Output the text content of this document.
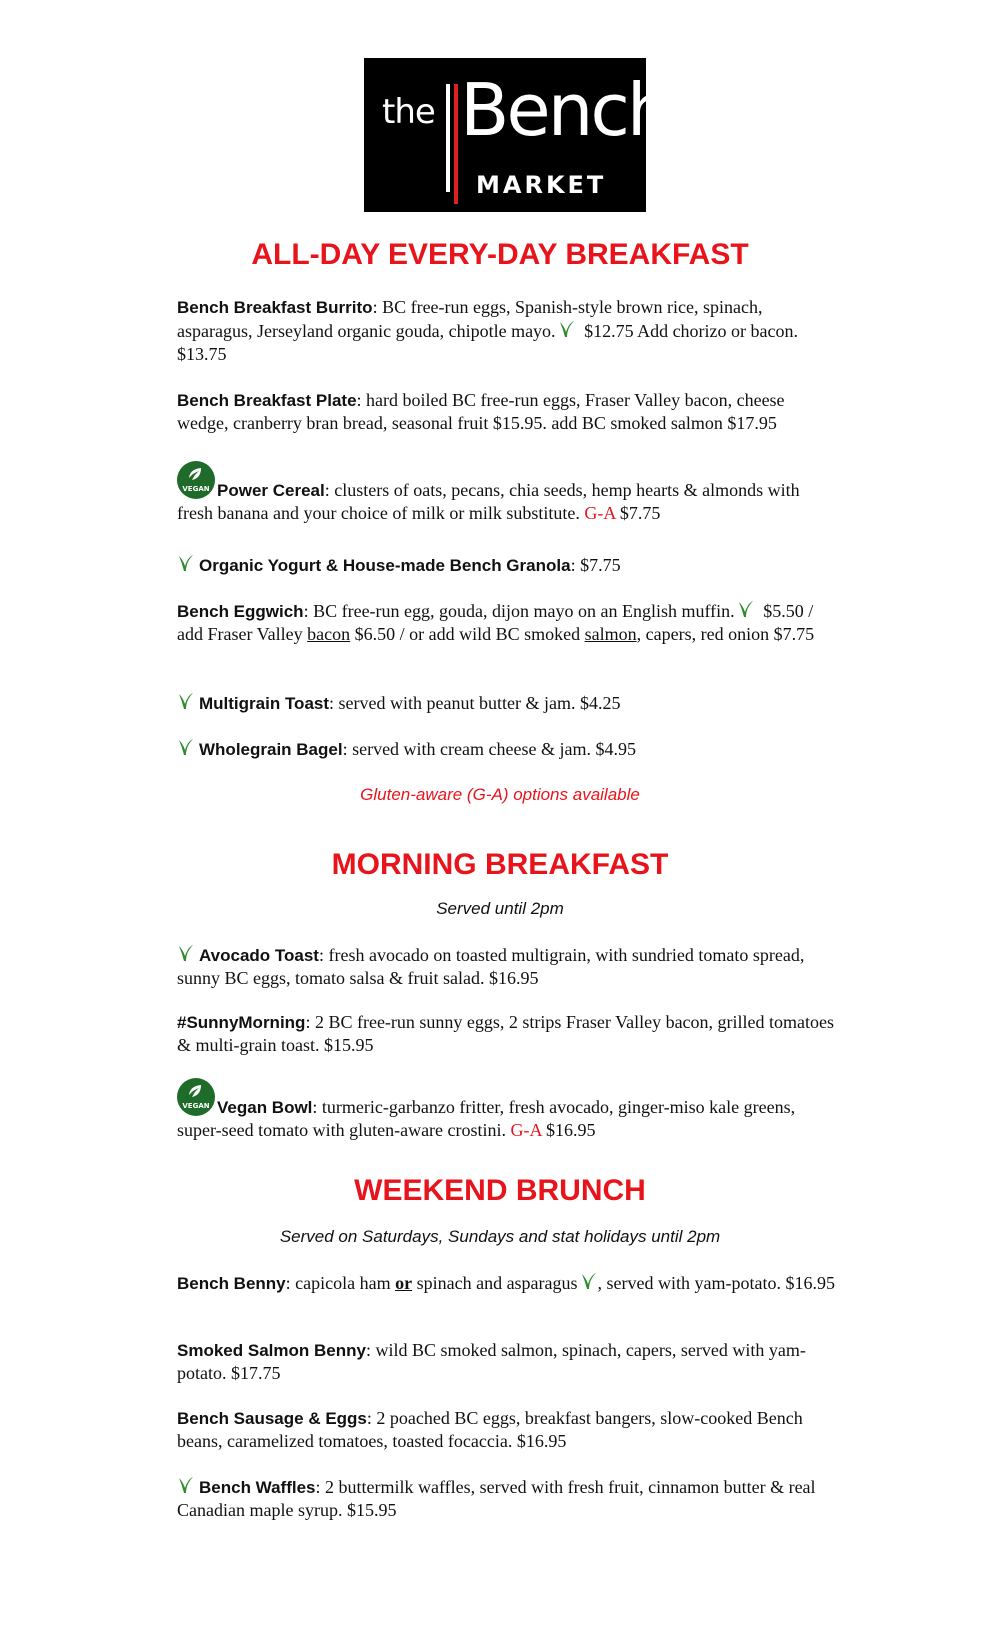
the Bench
MARKET
ALL-DAY EVERY-DAY BREAKFAST

Bench Breakfast Burrito: BC free-run eggs, Spanish-style brown rice, spinach, asparagus, Jerseyland organic gouda, chipotle mayo. $12.75 Add chorizo or bacon. $13.75

Bench Breakfast Plate: hard boiled BC free-run eggs, Fraser Valley bacon, cheese wedge, cranberry bran bread, seasonal fruit $15.95. add BC smoked salmon $17.95

Power Cereal: clusters of oats, pecans, chia seeds, hemp hearts & almonds with fresh banana and your choice of milk or milk substitute. G-A $7.75

Organic Yogurt & House-made Bench Granola: $7.75

Bench Eggwich: BC free-run egg, gouda, dijon mayo on an English muffin. $5.50 / add Fraser Valley bacon $6.50 / or add wild BC smoked salmon, capers, red onion $7.75

Multigrain Toast: served with peanut butter & jam. $4.25

Wholegrain Bagel: served with cream cheese & jam. $4.95

Gluten-aware (G-A) options available

MORNING BREAKFAST

Served until 2pm

Avocado Toast: fresh avocado on toasted multigrain, with sundried tomato spread, sunny BC eggs, tomato salsa & fruit salad. $16.95

#SunnyMorning: 2 BC free-run sunny eggs, 2 strips Fraser Valley bacon, grilled tomatoes & multi-grain toast. $15.95

Vegan Bowl: turmeric-garbanzo fritter, fresh avocado, ginger-miso kale greens, super-seed tomato with gluten-aware crostini. G-A $16.95

WEEKEND BRUNCH

Served on Saturdays, Sundays and stat holidays until 2pm

Bench Benny: capicola ham or spinach and asparagus , served with yam-potato. $16.95

Smoked Salmon Benny: wild BC smoked salmon, spinach, capers, served with yam-potato. $17.75

Bench Sausage & Eggs: 2 poached BC eggs, breakfast bangers, slow-cooked Bench beans, caramelized tomatoes, toasted focaccia. $16.95

Bench Waffles: 2 buttermilk waffles, served with fresh fruit, cinnamon butter & real Canadian maple syrup. $15.95
